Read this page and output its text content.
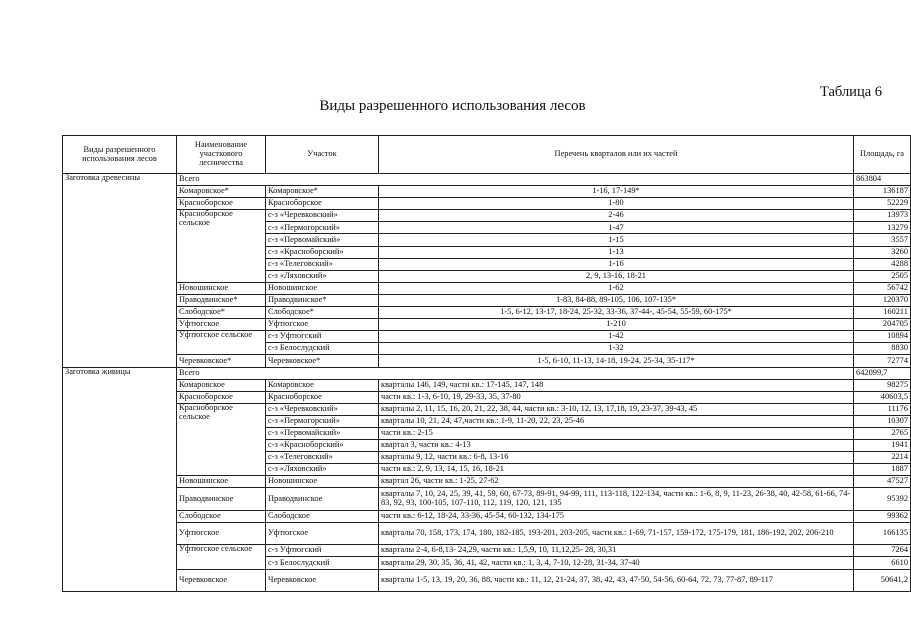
Таблица 6
Виды разрешенного использования лесов
Виды разрешенного использования лесов	Наименование участкового лесничества	Участок	Перечень кварталов или их частей	Площадь, га
Заготовка древесины	Всего			863804
	Комаровское*	Комаровское*	1-16, 17-149*	136187
	Красноборское	Красноборское	1-80	52229
	Красноборское сельское	с-з «Черевковский»	2-46	13973
		с-з «Пермогорский»	1-47	13279
		с-з «Первомайский»	1-15	3557
		с-з «Красноборский»	1-13	3260
		с-з «Телеговский»	1-16	4288
		с-з «Ляховский»	2, 9, 13-16, 18-21	2505
	Новошинское	Новошинское	1-62	56742
	Праводвинское*	Праводвинское*	1-83, 84-88, 89-105, 106, 107-135*	120370
	Слободское*	Слободское*	1-5, 6-12, 13-17, 18-24, 25-32, 33-36, 37-44-, 45-54, 55-59, 60-175*	160211
	Уфтюгское	Уфтюгское	1-210	204705
	Уфтюгское сельское	с-з Уфтюгский	1-42	10894
		с-з Белослудский	1-32	8830
	Черевковское*	Черевковское*	1-5, 6-10, 11-13, 14-18, 19-24, 25-34, 35-117*	72774
Заготовка живицы	Всего			642099,7
	Комаровское	Комаровское	кварталы 146, 149, части кв.: 17-145, 147, 148	98275
	Красноборское	Красноборское	части кв.: 1-3, 6-10, 19, 29-33, 35, 37-80	40603,5
	Красноборское сельское	с-з «Черевковский»	кварталы 2, 11, 15, 16, 20, 21, 22, 38, 44, части кв.: 3-10, 12, 13, 17,18, 19, 23-37, 39-43, 45	11176
		с-з «Пермогорский»	кварталы 10, 21, 24, 47,части кв.: 1-9, 11-20, 22, 23, 25-46	10307
		с-з «Первомайский»	части кв.: 2-15	2765
		с-з «Красноборский»	квартал 3, части кв.: 4-13	1941
		с-з «Телеговский»	кварталы 9, 12, части кв.: 6-8, 13-16	2214
		с-з «Ляховский»	части кв.: 2, 9, 13, 14, 15, 16, 18-21	1887
	Новошинское	Новошинское	квартал 26, части кв.: 1-25, 27-62	47527
	Праводвинское	Праводвинское	кварталы 7, 10, 24, 25, 39, 41, 59, 60, 67-73, 89-91, 94-99, 111, 113-118, 122-134, части кв.: 1-6, 8, 9, 11-23, 26-38, 40, 42-58, 61-66, 74-83, 92, 93, 100-105, 107-110, 112, 119, 120, 121, 135	95392
	Слободское	Слободское	части кв.: 6-12, 18-24, 33-36, 45-54, 60-132, 134-175	99362
	Уфтюгское	Уфтюгское	кварталы 70, 158, 173, 174, 180, 182-185, 193-201, 203-205, части кв.: 1-69, 71-157, 159-172, 175-179, 181, 186-192, 202, 206-210	166135
	Уфтюгское сельское	с-з Уфтюгский	кварталы 2-4, 6-8,13- 24,29, части кв.: 1,5,9, 10, 11,12,25- 28, 30,31	7264
		с-з Белослудский	кварталы 29, 30, 35, 36, 41, 42, части кв.: 1, 3, 4, 7-10, 12-28, 31-34, 37-40	6610
	Черевковское	Черевковское	кварталы 1-5, 13, 19, 20, 36, 88, части кв.: 11, 12, 21-24, 37, 38, 42, 43, 47-50, 54-56, 60-64, 72, 73, 77-87, 89-117	50641,2
